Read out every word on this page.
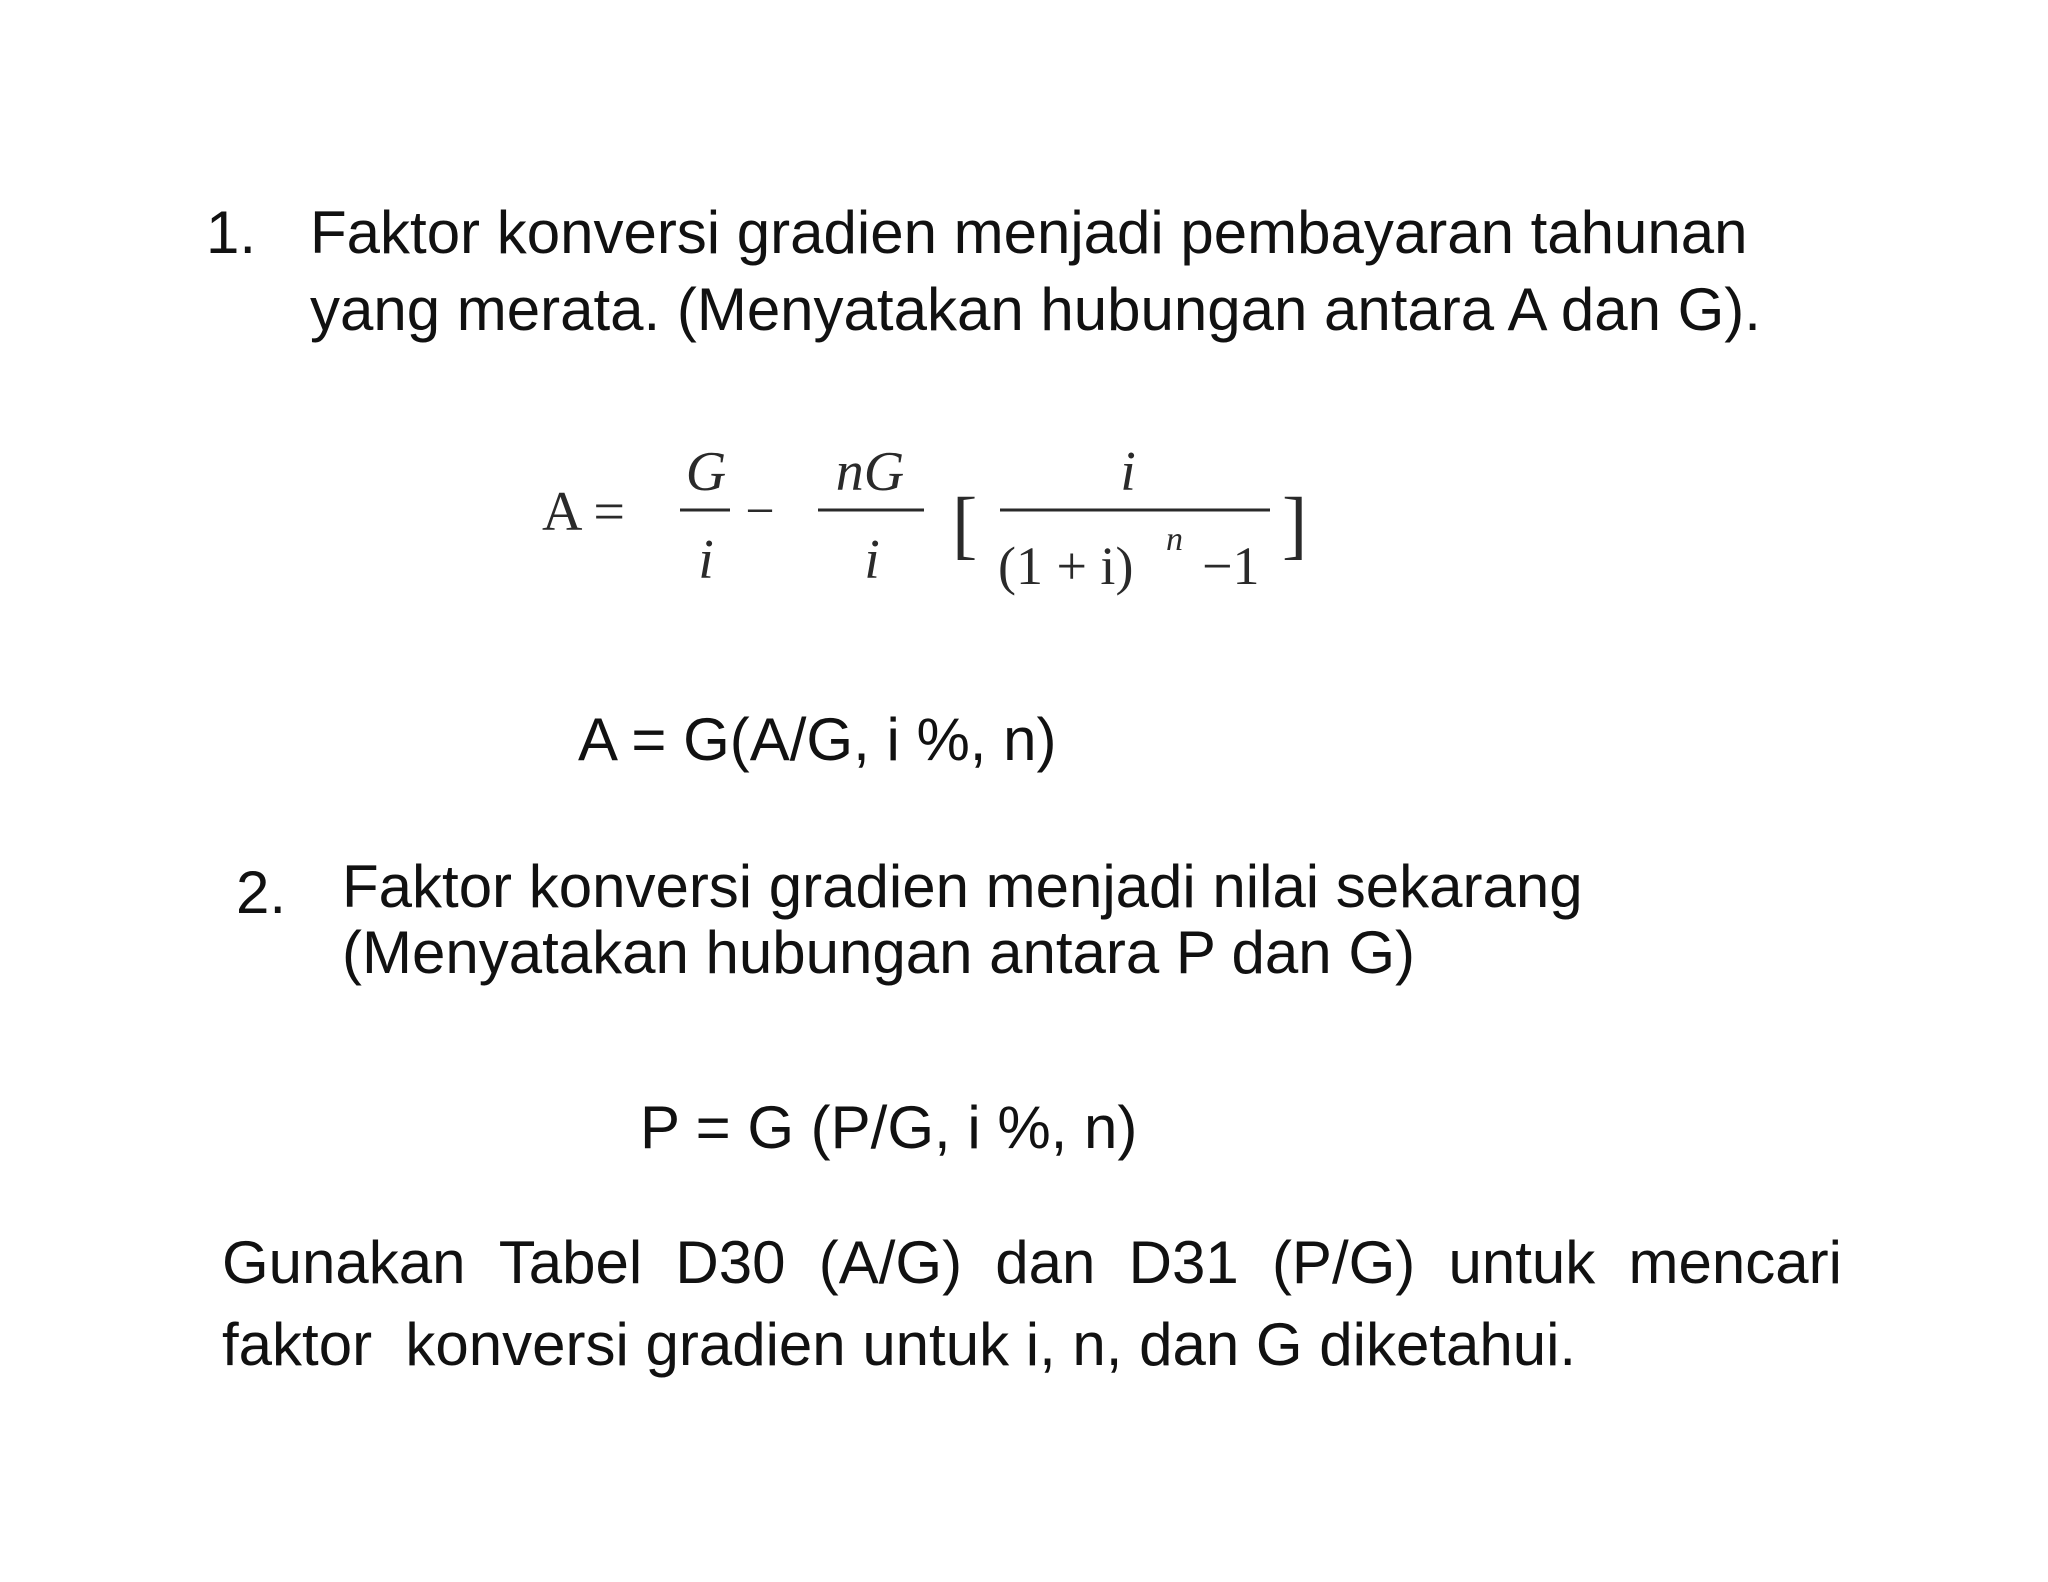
1. Faktor konversi gradien menjadi pembayaran tahunan
yang merata. (Menyatakan hubungan antara A dan G).
A =
G
i
−
nG
i [
i
(1 + i) n −1 ]
A = G(A/G, i %, n)
2. Faktor konversi gradien menjadi nilai sekarang
(Menyatakan hubungan antara P dan G)
P = G (P/G, i %, n)
Gunakan Tabel D30 (A/G) dan D31 (P/G) untuk mencari
faktor  konversi gradien untuk i, n, dan G diketahui.
